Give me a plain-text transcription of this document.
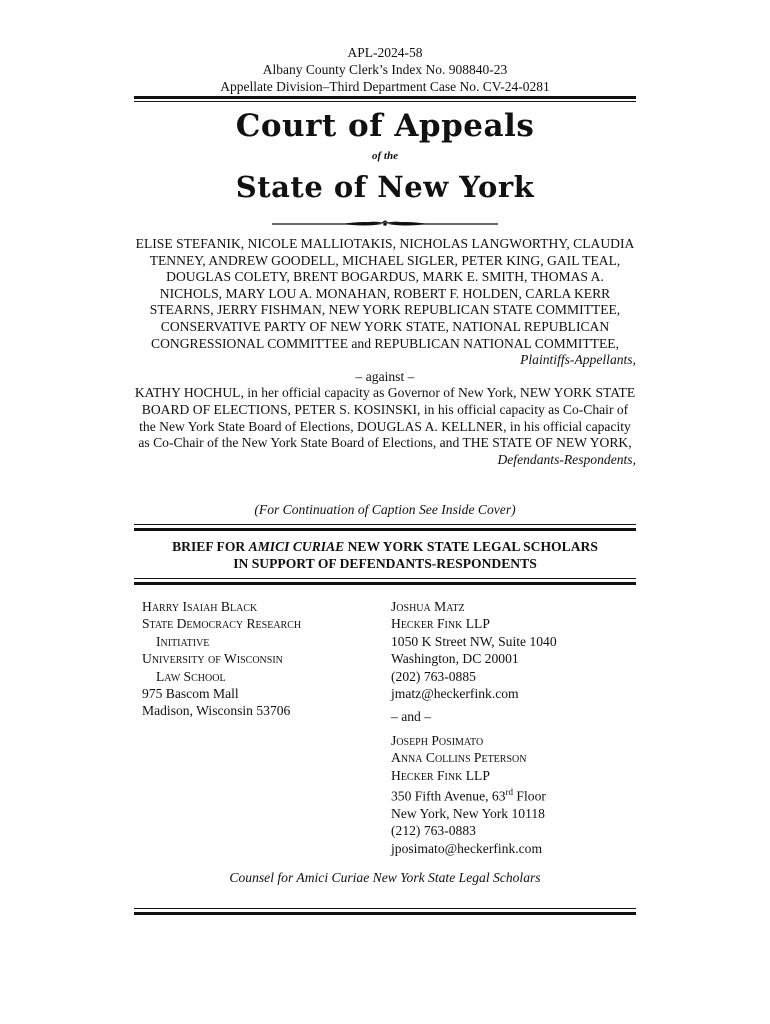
APL-2024-58
Albany County Clerk’s Index No. 908840-23
Appellate Division–Third Department Case No. CV-24-0281
Court of Appeals
of the
State of New York
ELISE STEFANIK, NICOLE MALLIOTAKIS, NICHOLAS LANGWORTHY, CLAUDIA TENNEY, ANDREW GOODELL, MICHAEL SIGLER, PETER KING, GAIL TEAL, DOUGLAS COLETY, BRENT BOGARDUS, MARK E. SMITH, THOMAS A. NICHOLS, MARY LOU A. MONAHAN, ROBERT F. HOLDEN, CARLA KERR STEARNS, JERRY FISHMAN, NEW YORK REPUBLICAN STATE COMMITTEE, CONSERVATIVE PARTY OF NEW YORK STATE, NATIONAL REPUBLICAN CONGRESSIONAL COMMITTEE and REPUBLICAN NATIONAL COMMITTEE,
Plaintiffs-Appellants,
– against –
KATHY HOCHUL, in her official capacity as Governor of New York, NEW YORK STATE BOARD OF ELECTIONS, PETER S. KOSINSKI, in his official capacity as Co-Chair of the New York State Board of Elections, DOUGLAS A. KELLNER, in his official capacity as Co-Chair of the New York State Board of Elections, and THE STATE OF NEW YORK,
Defendants-Respondents,
(For Continuation of Caption See Inside Cover)
BRIEF FOR AMICI CURIAE NEW YORK STATE LEGAL SCHOLARS
IN SUPPORT OF DEFENDANTS-RESPONDENTS
Harry Isaiah Black
State Democracy Research
Initiative
University of Wisconsin
Law School
975 Bascom Mall
Madison, Wisconsin 53706
Joshua Matz
Hecker Fink LLP
1050 K Street NW, Suite 1040
Washington, DC 20001
(202) 763-0885
jmatz@heckerfink.com
– and –
Joseph Posimato
Anna Collins Peterson
Hecker Fink LLP
350 Fifth Avenue, 63rd Floor
New York, New York 10118
(212) 763-0883
jposimato@heckerfink.com
Counsel for Amici Curiae New York State Legal Scholars
